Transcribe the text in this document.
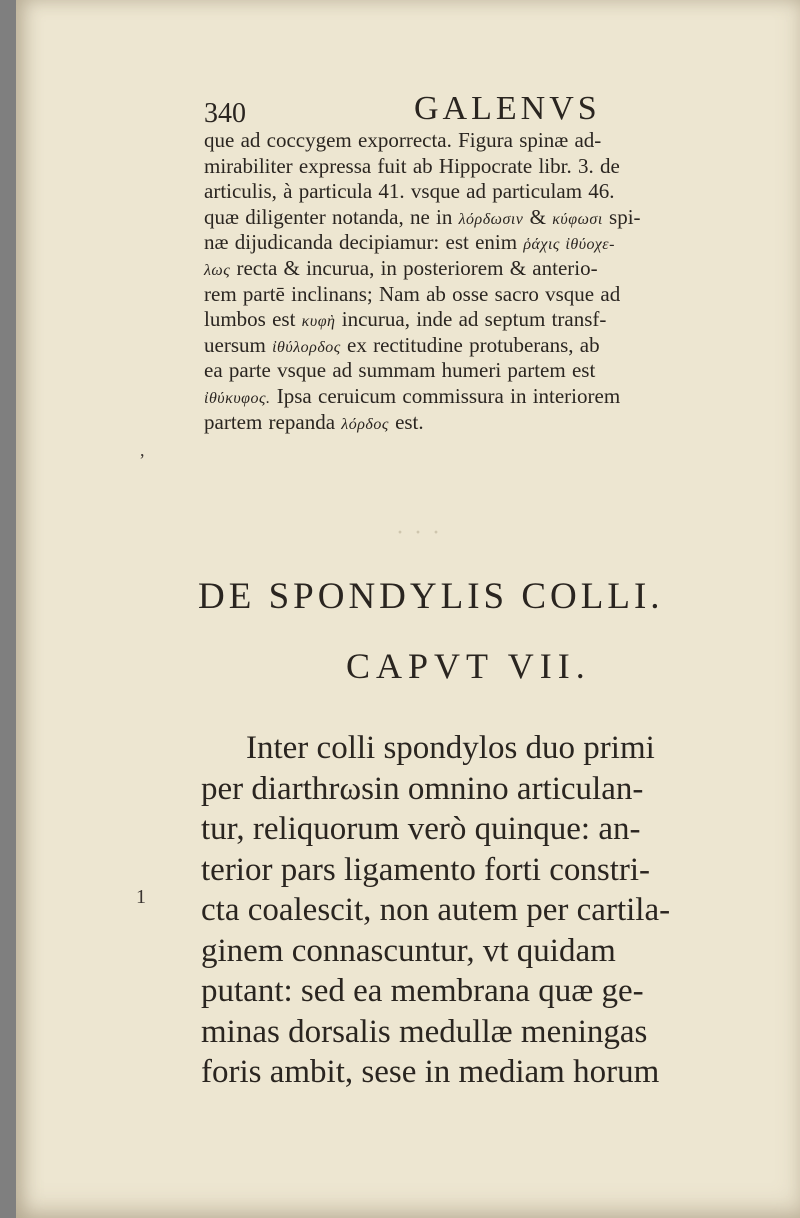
· · ·
340	GALENVS
que ad coccygem exporrecta. Figura spinæ ad-
mirabiliter expressa fuit ab Hippocrate libr. 3. de
articulis, à particula 41. vsque ad particulam 46.
quæ diligenter notanda, ne in λόρδωσιν & κύφωσι spi-
næ dijudicanda decipiamur: est enim ῥάχις ἰθύοχε-
λως recta & incurua, in posteriorem & anterio-
rem partē inclinans; Nam ab osse sacro vsque ad
lumbos est κυφὴ incurua, inde ad septum transf-
uersum ἰθύλορδος ex rectitudine protuberans, ab
ea parte vsque ad summam humeri partem est
ἰθύκυφος. Ipsa ceruicum commissura in interiorem
partem repanda λόρδος est.
DE SPONDYLIS COLLI.
CAPVT VII.
Inter colli spondylos duo primi
per diarthrωsin omnino articulan-
tur, reliquorum verò quinque: an-
terior pars ligamento forti constri-
cta coalescit, non autem per cartila-
ginem connascuntur, vt quidam
putant: sed ea membrana quæ ge-
minas dorsalis medullæ meningas
foris ambit, sese in mediam horum
1
,
